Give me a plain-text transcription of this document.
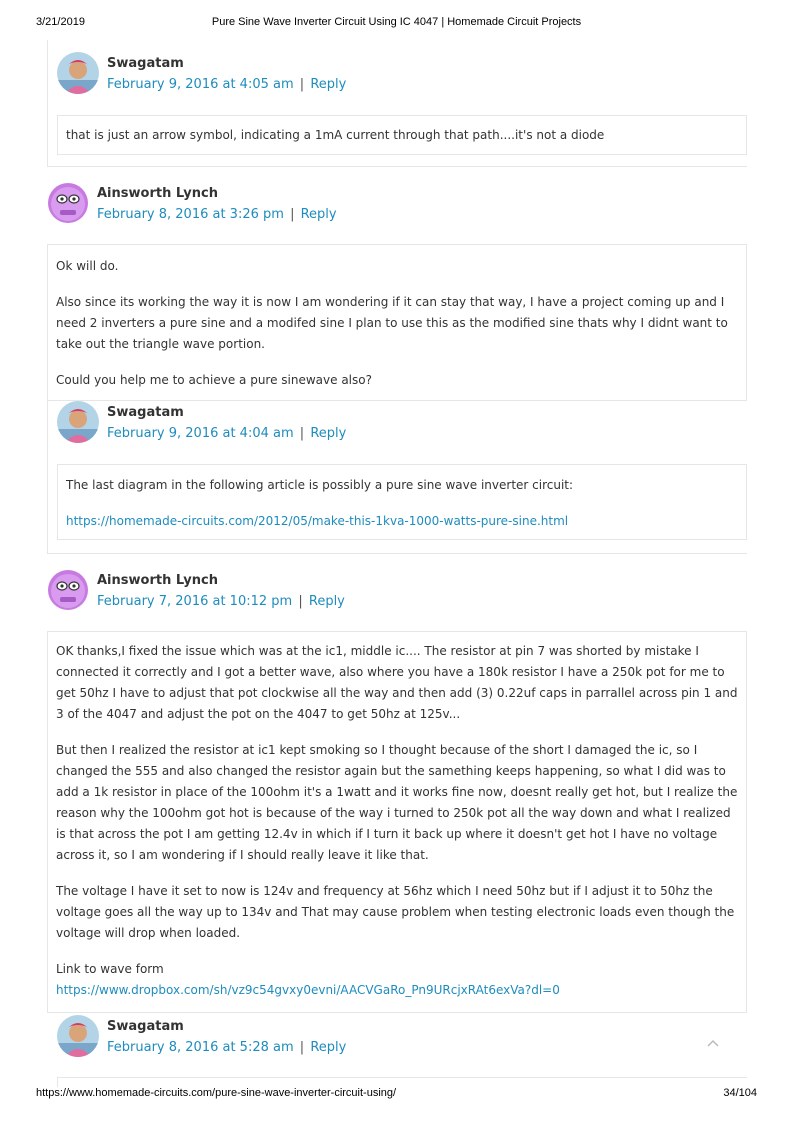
3/21/2019	Pure Sine Wave Inverter Circuit Using IC 4047 | Homemade Circuit Projects
Swagatam
February 9, 2016 at 4:05 am | Reply

that is just an arrow symbol, indicating a 1mA current through that path....it's not a diode

Ainsworth Lynch
February 8, 2016 at 3:26 pm | Reply

Ok will do.

Also since its working the way it is now I am wondering if it can stay that way, I have a project coming up and I need 2 inverters a pure sine and a modifed sine I plan to use this as the modified sine thats why I didnt want to take out the triangle wave portion.

Could you help me to achieve a pure sinewave also?

Swagatam
February 9, 2016 at 4:04 am | Reply

The last diagram in the following article is possibly a pure sine wave inverter circuit:

https://homemade-circuits.com/2012/05/make-this-1kva-1000-watts-pure-sine.html

Ainsworth Lynch
February 7, 2016 at 10:12 pm | Reply

OK thanks,I fixed the issue which was at the ic1, middle ic.... The resistor at pin 7 was shorted by mistake I connected it correctly and I got a better wave, also where you have a 180k resistor I have a 250k pot for me to get 50hz I have to adjust that pot clockwise all the way and then add (3) 0.22uf caps in parrallel across pin 1 and 3 of the 4047 and adjust the pot on the 4047 to get 50hz at 125v...

But then I realized the resistor at ic1 kept smoking so I thought because of the short I damaged the ic, so I changed the 555 and also changed the resistor again but the samething keeps happening, so what I did was to add a 1k resistor in place of the 100ohm it's a 1watt and it works fine now, doesnt really get hot, but I realize the reason why the 100ohm got hot is because of the way i turned to 250k pot all the way down and what I realized is that across the pot I am getting 12.4v in which if I turn it back up where it doesn't get hot I have no voltage across it, so I am wondering if I should really leave it like that.

The voltage I have it set to now is 124v and frequency at 56hz which I need 50hz but if I adjust it to 50hz the voltage goes all the way up to 134v and That may cause problem when testing electronic loads even though the voltage will drop when loaded.

Link to wave form

https://www.dropbox.com/sh/vz9c54gvxy0evni/AACVGaRo_Pn9URcjxRAt6exVa?dl=0

Swagatam
February 8, 2016 at 5:28 am | Reply
https://www.homemade-circuits.com/pure-sine-wave-inverter-circuit-using/	34/104
